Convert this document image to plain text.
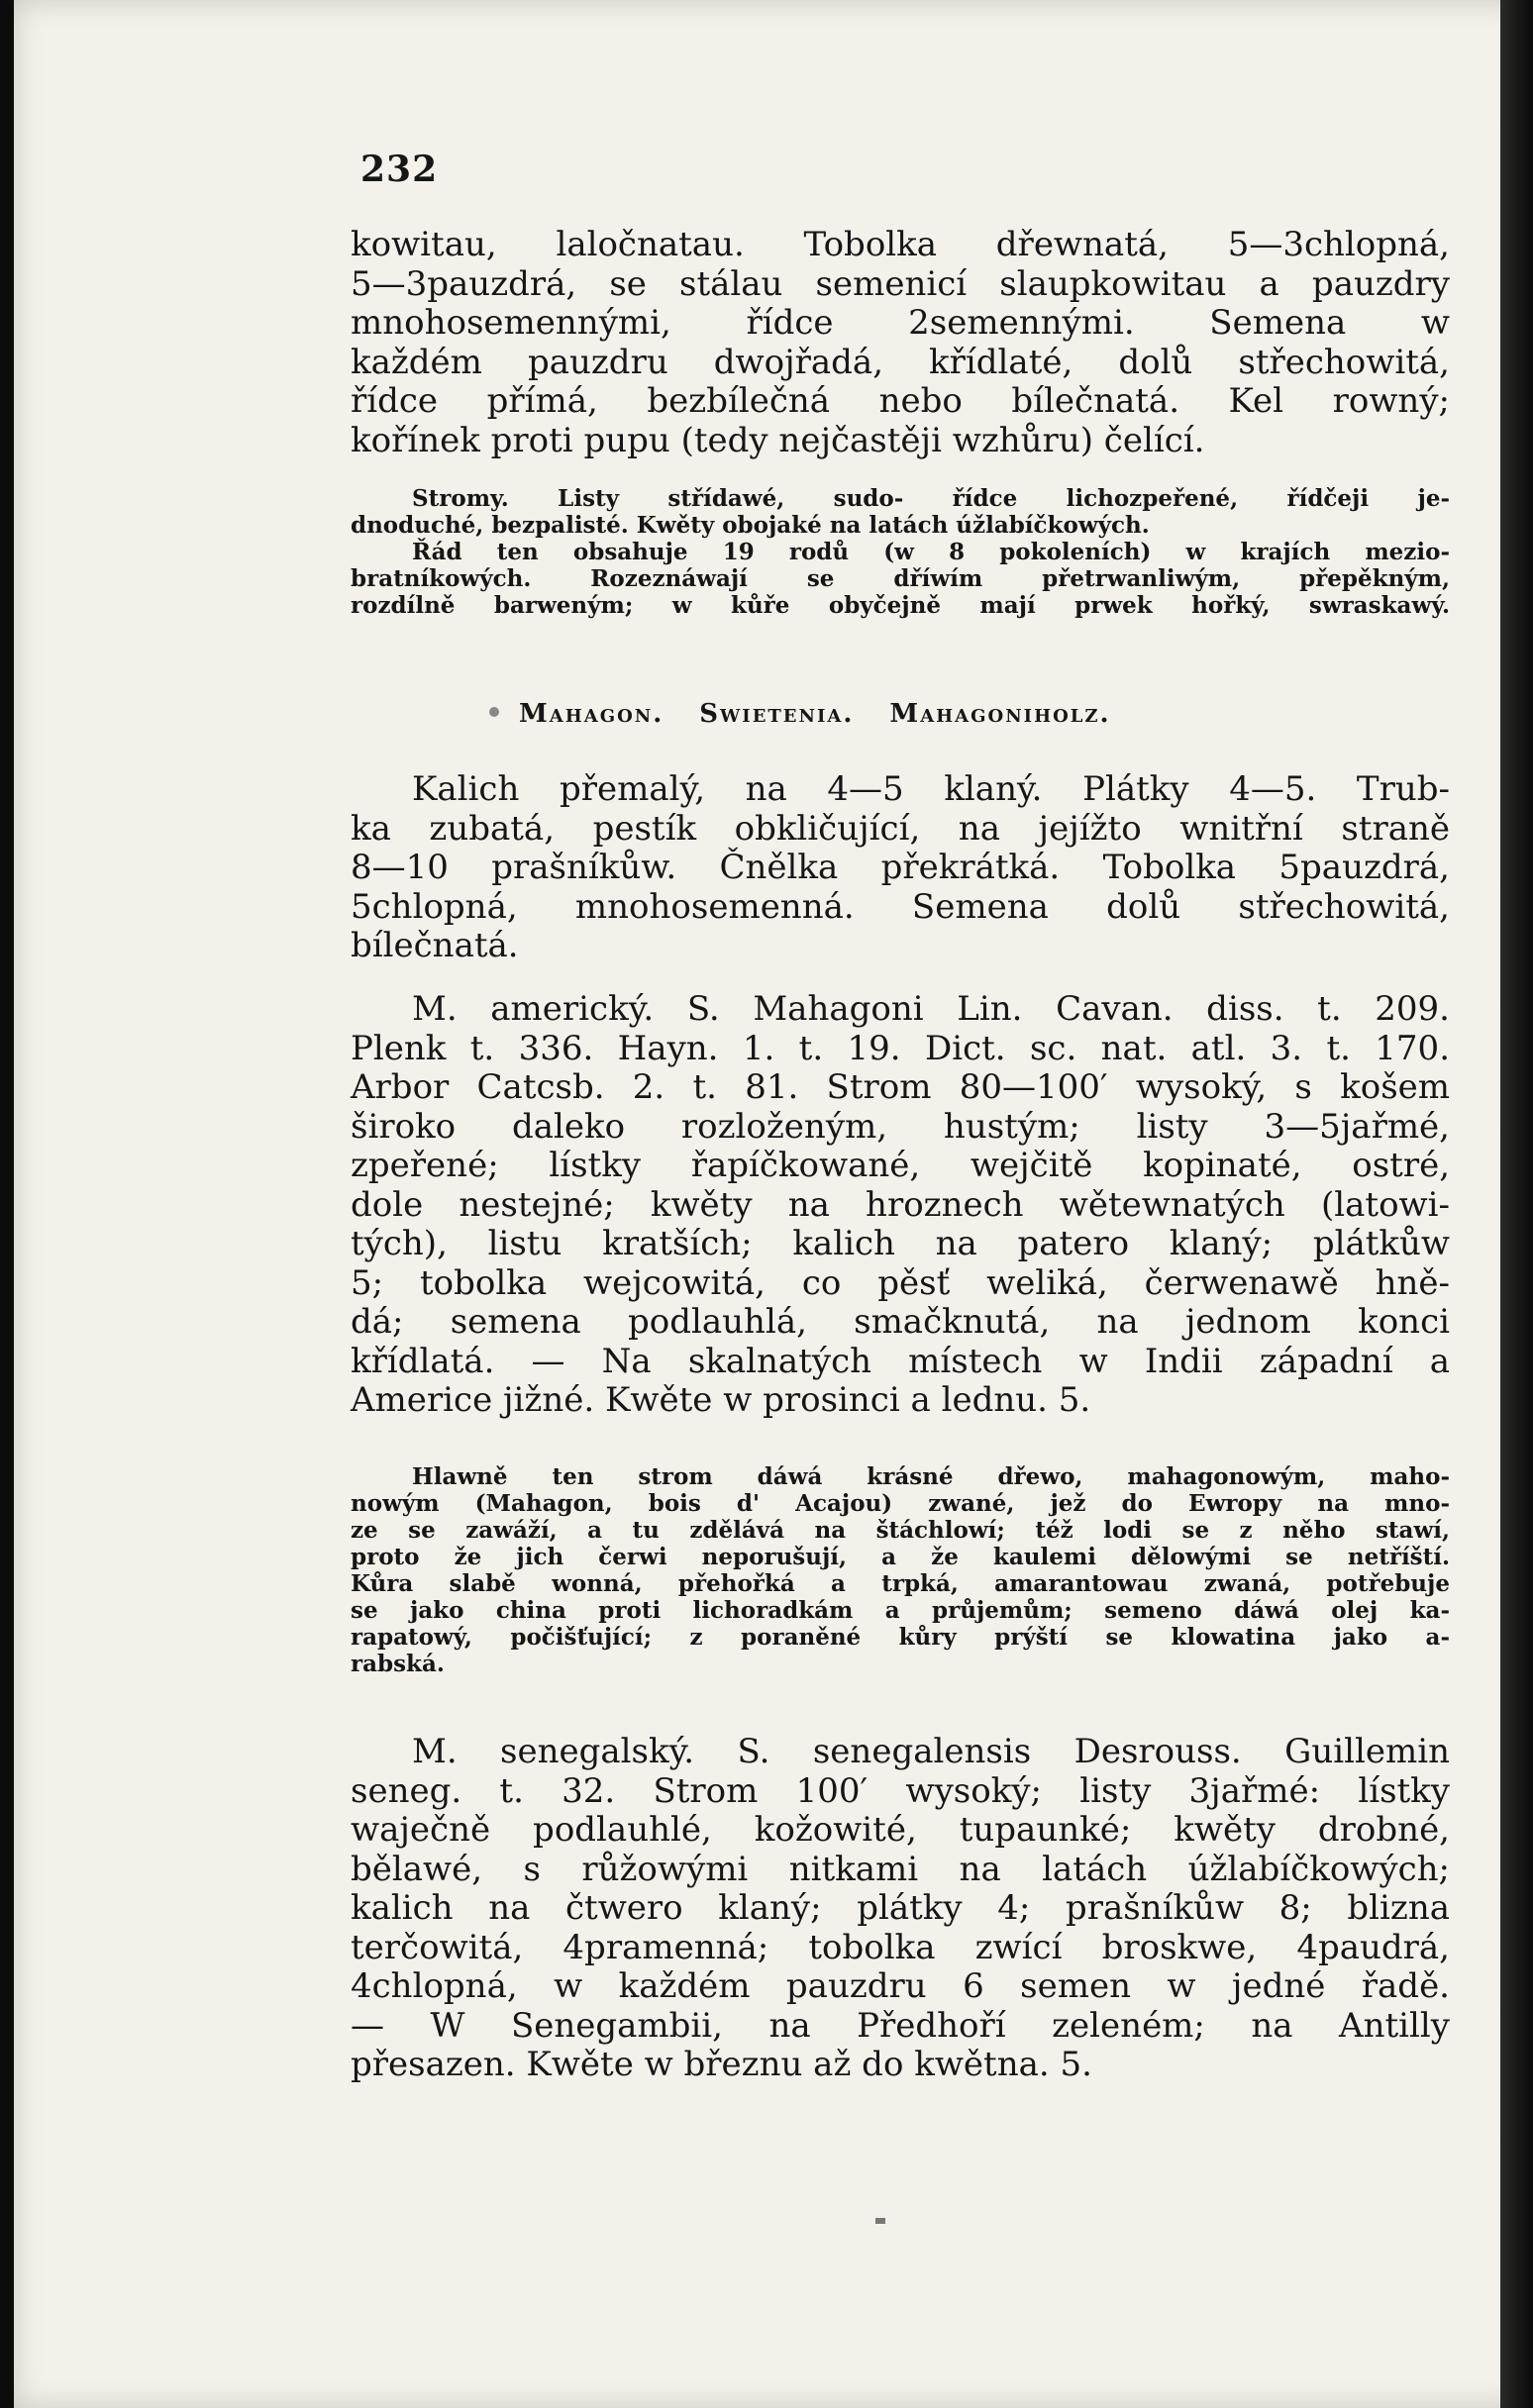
232
kowitau, laločnatau. Tobolka dřewnatá, 5—3chlopná,
5—3pauzdrá, se stálau semenicí slaupkowitau a pauzdry
mnohosemennými, řídce 2semennými. Semena w
každém pauzdru dwojřadá, křídlaté, dolů střechowitá,
řídce přímá, bezbílečná nebo bílečnatá. Kel rowný;
kořínek proti pupu (tedy nejčastěji wzhůru) čelící.
Stromy. Listy střídawé, sudo- řídce lichozpeřené, řídčeji je-
dnoduché, bezpalisté. Kwěty obojaké na latách úžlabíčkowých.
Řád ten obsahuje 19 rodů (w 8 pokoleních) w krajích mezio-
bratníkowých. Rozeznáwají se dříwím přetrwanliwým, přepěkným,
rozdílně barweným; w kůře obyčejně mají prwek hořký, swraskawý.
Mahagon. Swietenia. Mahagoniholz.
Kalich přemalý, na 4—5 klaný. Plátky 4—5. Trub-
ka zubatá, pestík obkličující, na jejížto wnitřní straně
8—10 prašníkůw. Čnělka překrátká. Tobolka 5pauzdrá,
5chlopná, mnohosemenná. Semena dolů střechowitá,
bílečnatá.
M. americký. S. Mahagoni Lin. Cavan. diss. t. 209.
Plenk t. 336. Hayn. 1. t. 19. Dict. sc. nat. atl. 3. t. 170.
Arbor Catcsb. 2. t. 81. Strom 80—100′ wysoký, s košem
široko daleko rozloženým, hustým; listy 3—5jařmé,
zpeřené; lístky řapíčkowané, wejčitě kopinaté, ostré,
dole nestejné; kwěty na hroznech wětewnatých (latowi-
tých), listu kratších; kalich na patero klaný; plátkůw
5; tobolka wejcowitá, co pěsť weliká, čerwenawě hně-
dá; semena podlauhlá, smačknutá, na jednom konci
křídlatá. — Na skalnatých místech w Indii západní a
Americe jižné. Kwěte w prosinci a lednu. 5.
Hlawně ten strom dáwá krásné dřewo, mahagonowým, maho-
nowým (Mahagon, bois d' Acajou) zwané, jež do Ewropy na mno-
ze se zawáží, a tu zdělává na štáchlowí; též lodi se z něho stawí,
proto že jich čerwi neporušují, a že kaulemi dělowými se netříští.
Kůra slabě wonná, přehořká a trpká, amarantowau zwaná, potřebuje
se jako china proti lichoradkám a průjemům; semeno dáwá olej ka-
rapatowý, počišťující; z poraněné kůry prýští se klowatina jako a-
rabská.
M. senegalský. S. senegalensis Desrouss. Guillemin
seneg. t. 32. Strom 100′ wysoký; listy 3jařmé: lístky
waječně podlauhlé, kožowité, tupaunké; kwěty drobné,
bělawé, s růžowými nitkami na latách úžlabíčkowých;
kalich na čtwero klaný; plátky 4; prašníkůw 8; blizna
terčowitá, 4pramenná; tobolka zwící broskwe, 4paudrá,
4chlopná, w každém pauzdru 6 semen w jedné řadě.
— W Senegambii, na Předhoří zeleném; na Antilly
přesazen. Kwěte w březnu až do kwětna. 5.
